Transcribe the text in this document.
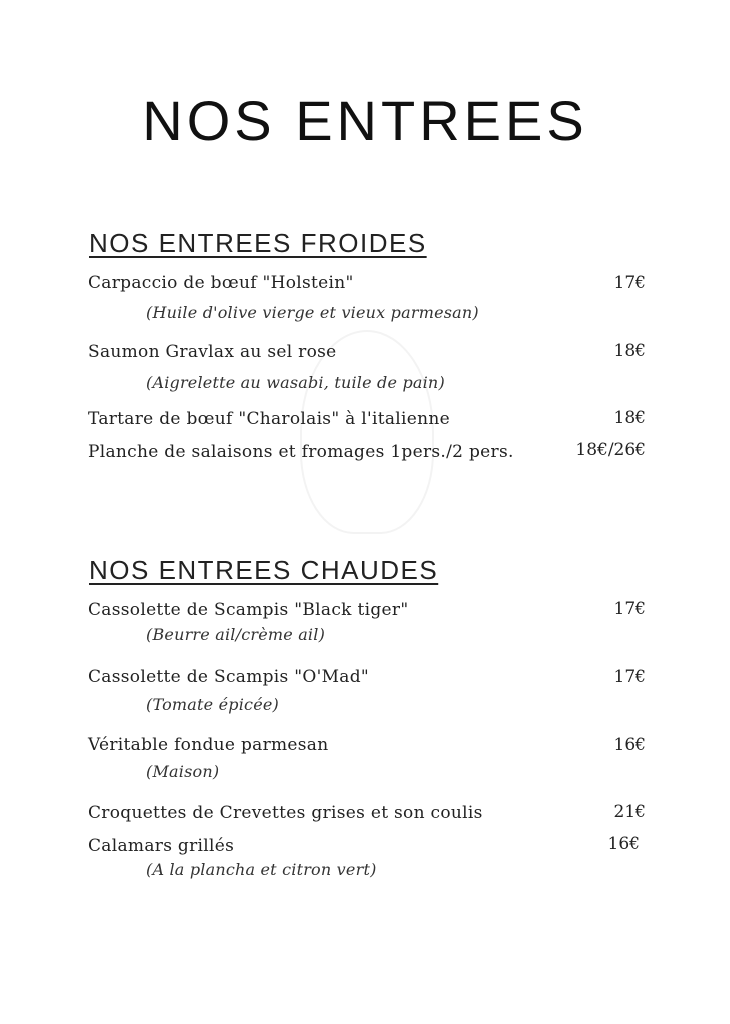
NOS ENTREES
NOS ENTREES FROIDES
Carpaccio de bœuf "Holstein"	17€
(Huile d'olive vierge et vieux parmesan)
Saumon Gravlax au sel rose	18€
(Aigrelette au wasabi, tuile de pain)
Tartare de bœuf "Charolais" à l'italienne	18€
Planche de salaisons et fromages 1pers./2 pers.	18€/26€
NOS ENTREES CHAUDES
Cassolette de Scampis "Black tiger"	17€
(Beurre ail/crème ail)
Cassolette de Scampis "O'Mad"	17€
(Tomate épicée)
Véritable fondue parmesan	16€
(Maison)
Croquettes de Crevettes grises et son coulis	21€
Calamars grillés	16€
(A la plancha et citron vert)
